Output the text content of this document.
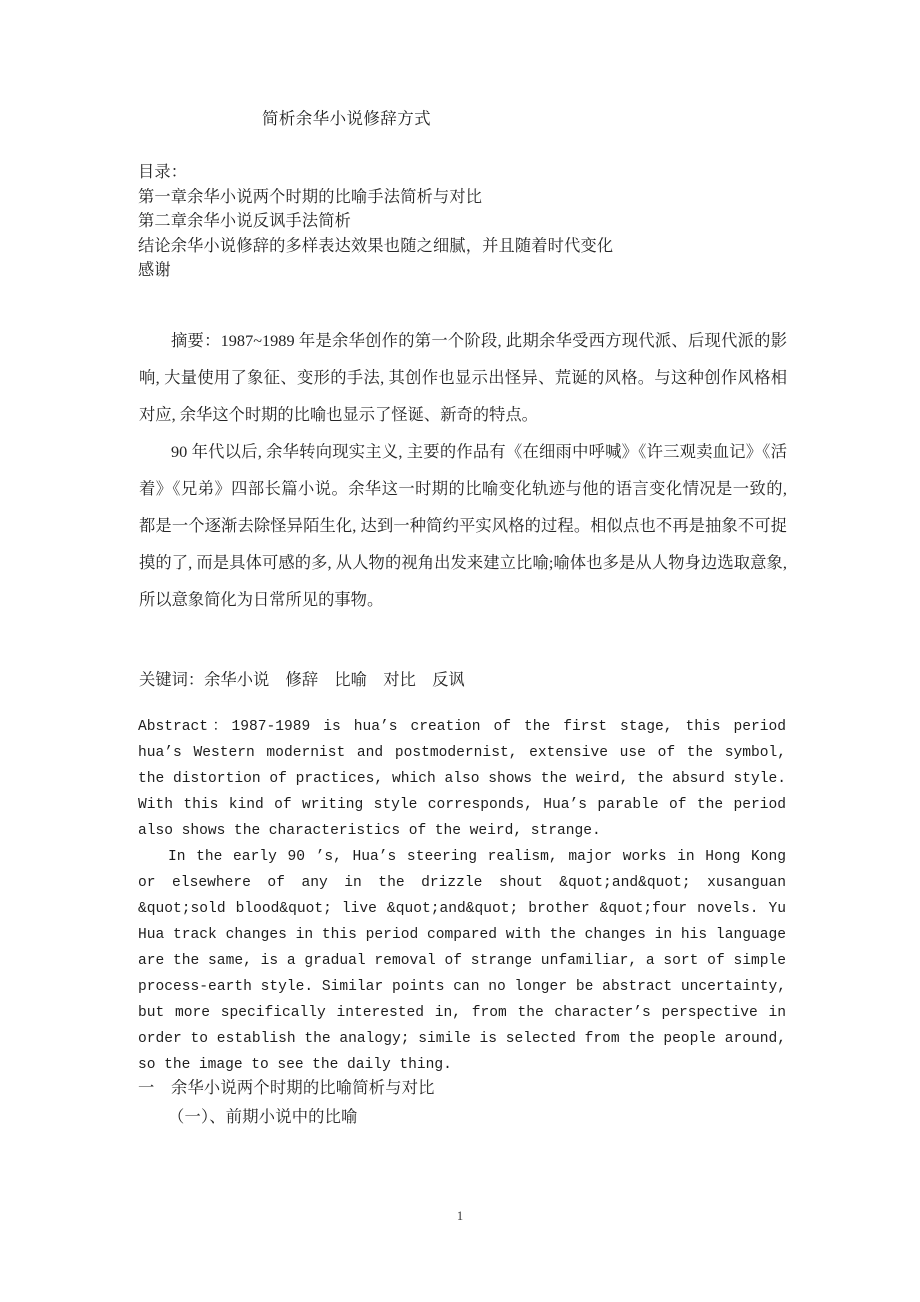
简析余华小说修辞方式
目录：
第一章余华小说两个时期的比喻手法简析与对比
第二章余华小说反讽手法简析
结论余华小说修辞的多样表达效果也随之细腻，并且随着时代变化
感谢

摘要：1987~1989 年是余华创作的第一个阶段, 此期余华受西方现代派、后现代派的影响, 大量使用了象征、变形的手法, 其创作也显示出怪异、荒诞的风格。与这种创作风格相对应, 余华这个时期的比喻也显示了怪诞、新奇的特点。

90 年代以后, 余华转向现实主义, 主要的作品有《在细雨中呼喊》《许三观卖血记》《活着》《兄弟》四部长篇小说。余华这一时期的比喻变化轨迹与他的语言变化情况是一致的, 都是一个逐渐去除怪异陌生化, 达到一种简约平实风格的过程。相似点也不再是抽象不可捉摸的了, 而是具体可感的多, 从人物的视角出发来建立比喻;喻体也多是从人物身边选取意象, 所以意象简化为日常所见的事物。

关键词：余华小说　修辞　比喻　对比　反讽

Abstract：1987-1989 is hua’s creation of the first stage, this period hua’s Western modernist and postmodernist, extensive use of the symbol, the distortion of practices, which also shows the weird, the absurd style. With this kind of writing style corresponds, Hua’s parable of the period also shows the characteristics of the weird, strange.

In the early 90 ’s, Hua’s steering realism, major works in Hong Kong or elsewhere of any in the drizzle shout &quot;and&quot; xusanguan &quot;sold blood&quot; live &quot;and&quot; brother &quot;four novels. Yu Hua track changes in this period compared with the changes in his language are the same, is a gradual removal of strange unfamiliar, a sort of simple process-earth style. Similar points can no longer be abstract uncertainty, but more specifically interested in, from the character’s perspective in order to establish the analogy; simile is selected from the people around, so the image to see the daily thing.

一　余华小说两个时期的比喻简析与对比
（一）、前期小说中的比喻
1
